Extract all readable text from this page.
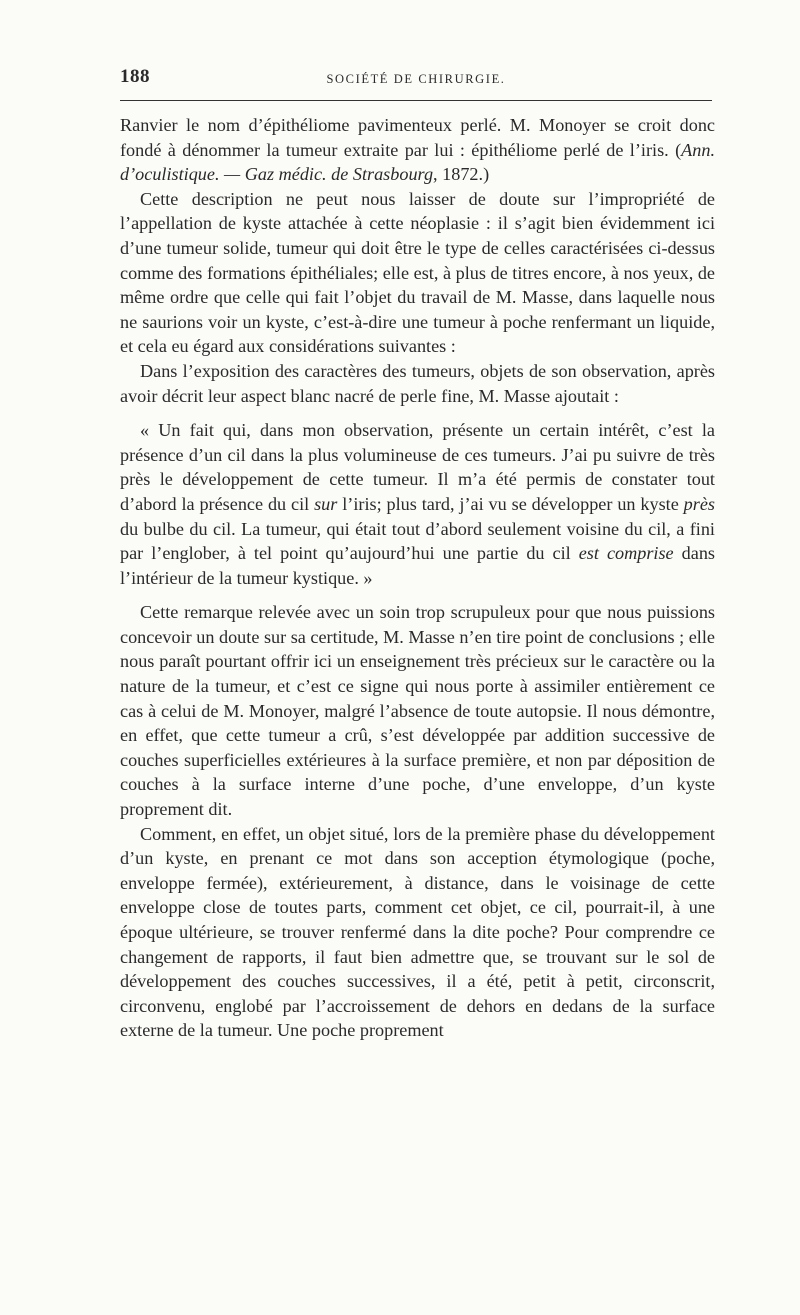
188	SOCIÉTÉ DE CHIRURGIE.

Ranvier le nom d’épithéliome pavimenteux perlé. M. Monoyer se croit donc fondé à dénommer la tumeur extraite par lui : épithéliome perlé de l’iris. (Ann. d’oculistique. — Gaz médic. de Strasbourg, 1872.)

Cette description ne peut nous laisser de doute sur l’impropriété de l’appellation de kyste attachée à cette néoplasie : il s’agit bien évidemment ici d’une tumeur solide, tumeur qui doit être le type de celles caractérisées ci-dessus comme des formations épithéliales; elle est, à plus de titres encore, à nos yeux, de même ordre que celle qui fait l’objet du travail de M. Masse, dans laquelle nous ne saurions voir un kyste, c’est-à-dire une tumeur à poche renfermant un liquide, et cela eu égard aux considérations suivantes :

Dans l’exposition des caractères des tumeurs, objets de son observation, après avoir décrit leur aspect blanc nacré de perle fine, M. Masse ajoutait :

« Un fait qui, dans mon observation, présente un certain intérêt, c’est la présence d’un cil dans la plus volumineuse de ces tumeurs. J’ai pu suivre de très près le développement de cette tumeur. Il m’a été permis de constater tout d’abord la présence du cil sur l’iris; plus tard, j’ai vu se développer un kyste près du bulbe du cil. La tumeur, qui était tout d’abord seulement voisine du cil, a fini par l’englober, à tel point qu’aujourd’hui une partie du cil est comprise dans l’intérieur de la tumeur kystique. »

Cette remarque relevée avec un soin trop scrupuleux pour que nous puissions concevoir un doute sur sa certitude, M. Masse n’en tire point de conclusions ; elle nous paraît pourtant offrir ici un enseignement très précieux sur le caractère ou la nature de la tumeur, et c’est ce signe qui nous porte à assimiler entièrement ce cas à celui de M. Monoyer, malgré l’absence de toute autopsie. Il nous démontre, en effet, que cette tumeur a crû, s’est développée par addition successive de couches superficielles extérieures à la surface première, et non par déposition de couches à la surface interne d’une poche, d’une enveloppe, d’un kyste proprement dit.

Comment, en effet, un objet situé, lors de la première phase du développement d’un kyste, en prenant ce mot dans son acception étymologique (poche, enveloppe fermée), extérieurement, à distance, dans le voisinage de cette enveloppe close de toutes parts, comment cet objet, ce cil, pourrait-il, à une époque ultérieure, se trouver renfermé dans la dite poche? Pour comprendre ce changement de rapports, il faut bien admettre que, se trouvant sur le sol de développement des couches successives, il a été, petit à petit, circonscrit, circonvenu, englobé par l’accroissement de dehors en dedans de la surface externe de la tumeur. Une poche proprement
